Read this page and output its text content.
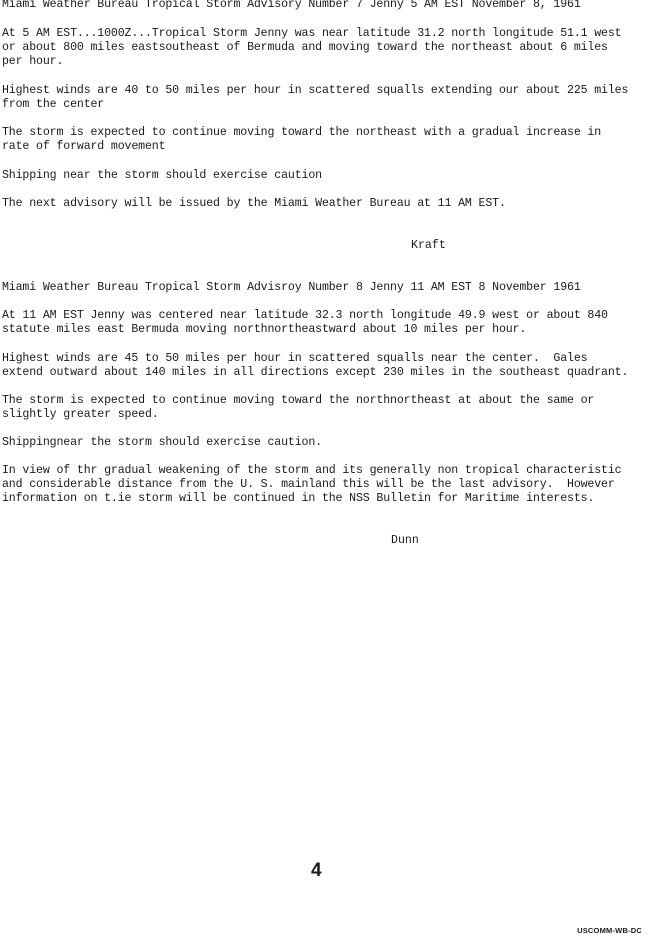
Miami Weather Bureau Tropical Storm Advisory Number 7 Jenny 5 AM EST November 8, 1961
At 5 AM EST...1000Z...Tropical Storm Jenny was near latitude 31.2 north longitude 51.1 west
or about 800 miles eastsoutheast of Bermuda and moving toward the northeast about 6 miles
per hour.
Highest winds are 40 to 50 miles per hour in scattered squalls extending our about 225 miles
from the center
The storm is expected to continue moving toward the northeast with a gradual increase in
rate of forward movement
Shipping near the storm should exercise caution
The next advisory will be issued by the Miami Weather Bureau at 11 AM EST.
Kraft
Miami Weather Bureau Tropical Storm Advisroy Number 8 Jenny 11 AM EST 8 November 1961
At 11 AM EST Jenny was centered near latitude 32.3 north longitude 49.9 west or about 840
statute miles east Bermuda moving northnortheastward about 10 miles per hour.
Highest winds are 45 to 50 miles per hour in scattered squalls near the center.  Gales
extend outward about 140 miles in all directions except 230 miles in the southeast quadrant.
The storm is expected to continue moving toward the northnortheast at about the same or
slightly greater speed.
Shippingnear the storm should exercise caution.
In view of thr gradual weakening of the storm and its generally non tropical characteristic
and considerable distance from the U. S. mainland this will be the last advisory.  However
information on t.ie storm will be continued in the NSS Bulletin for Maritime interests.
Dunn
4
USCOMM-WB-DC
